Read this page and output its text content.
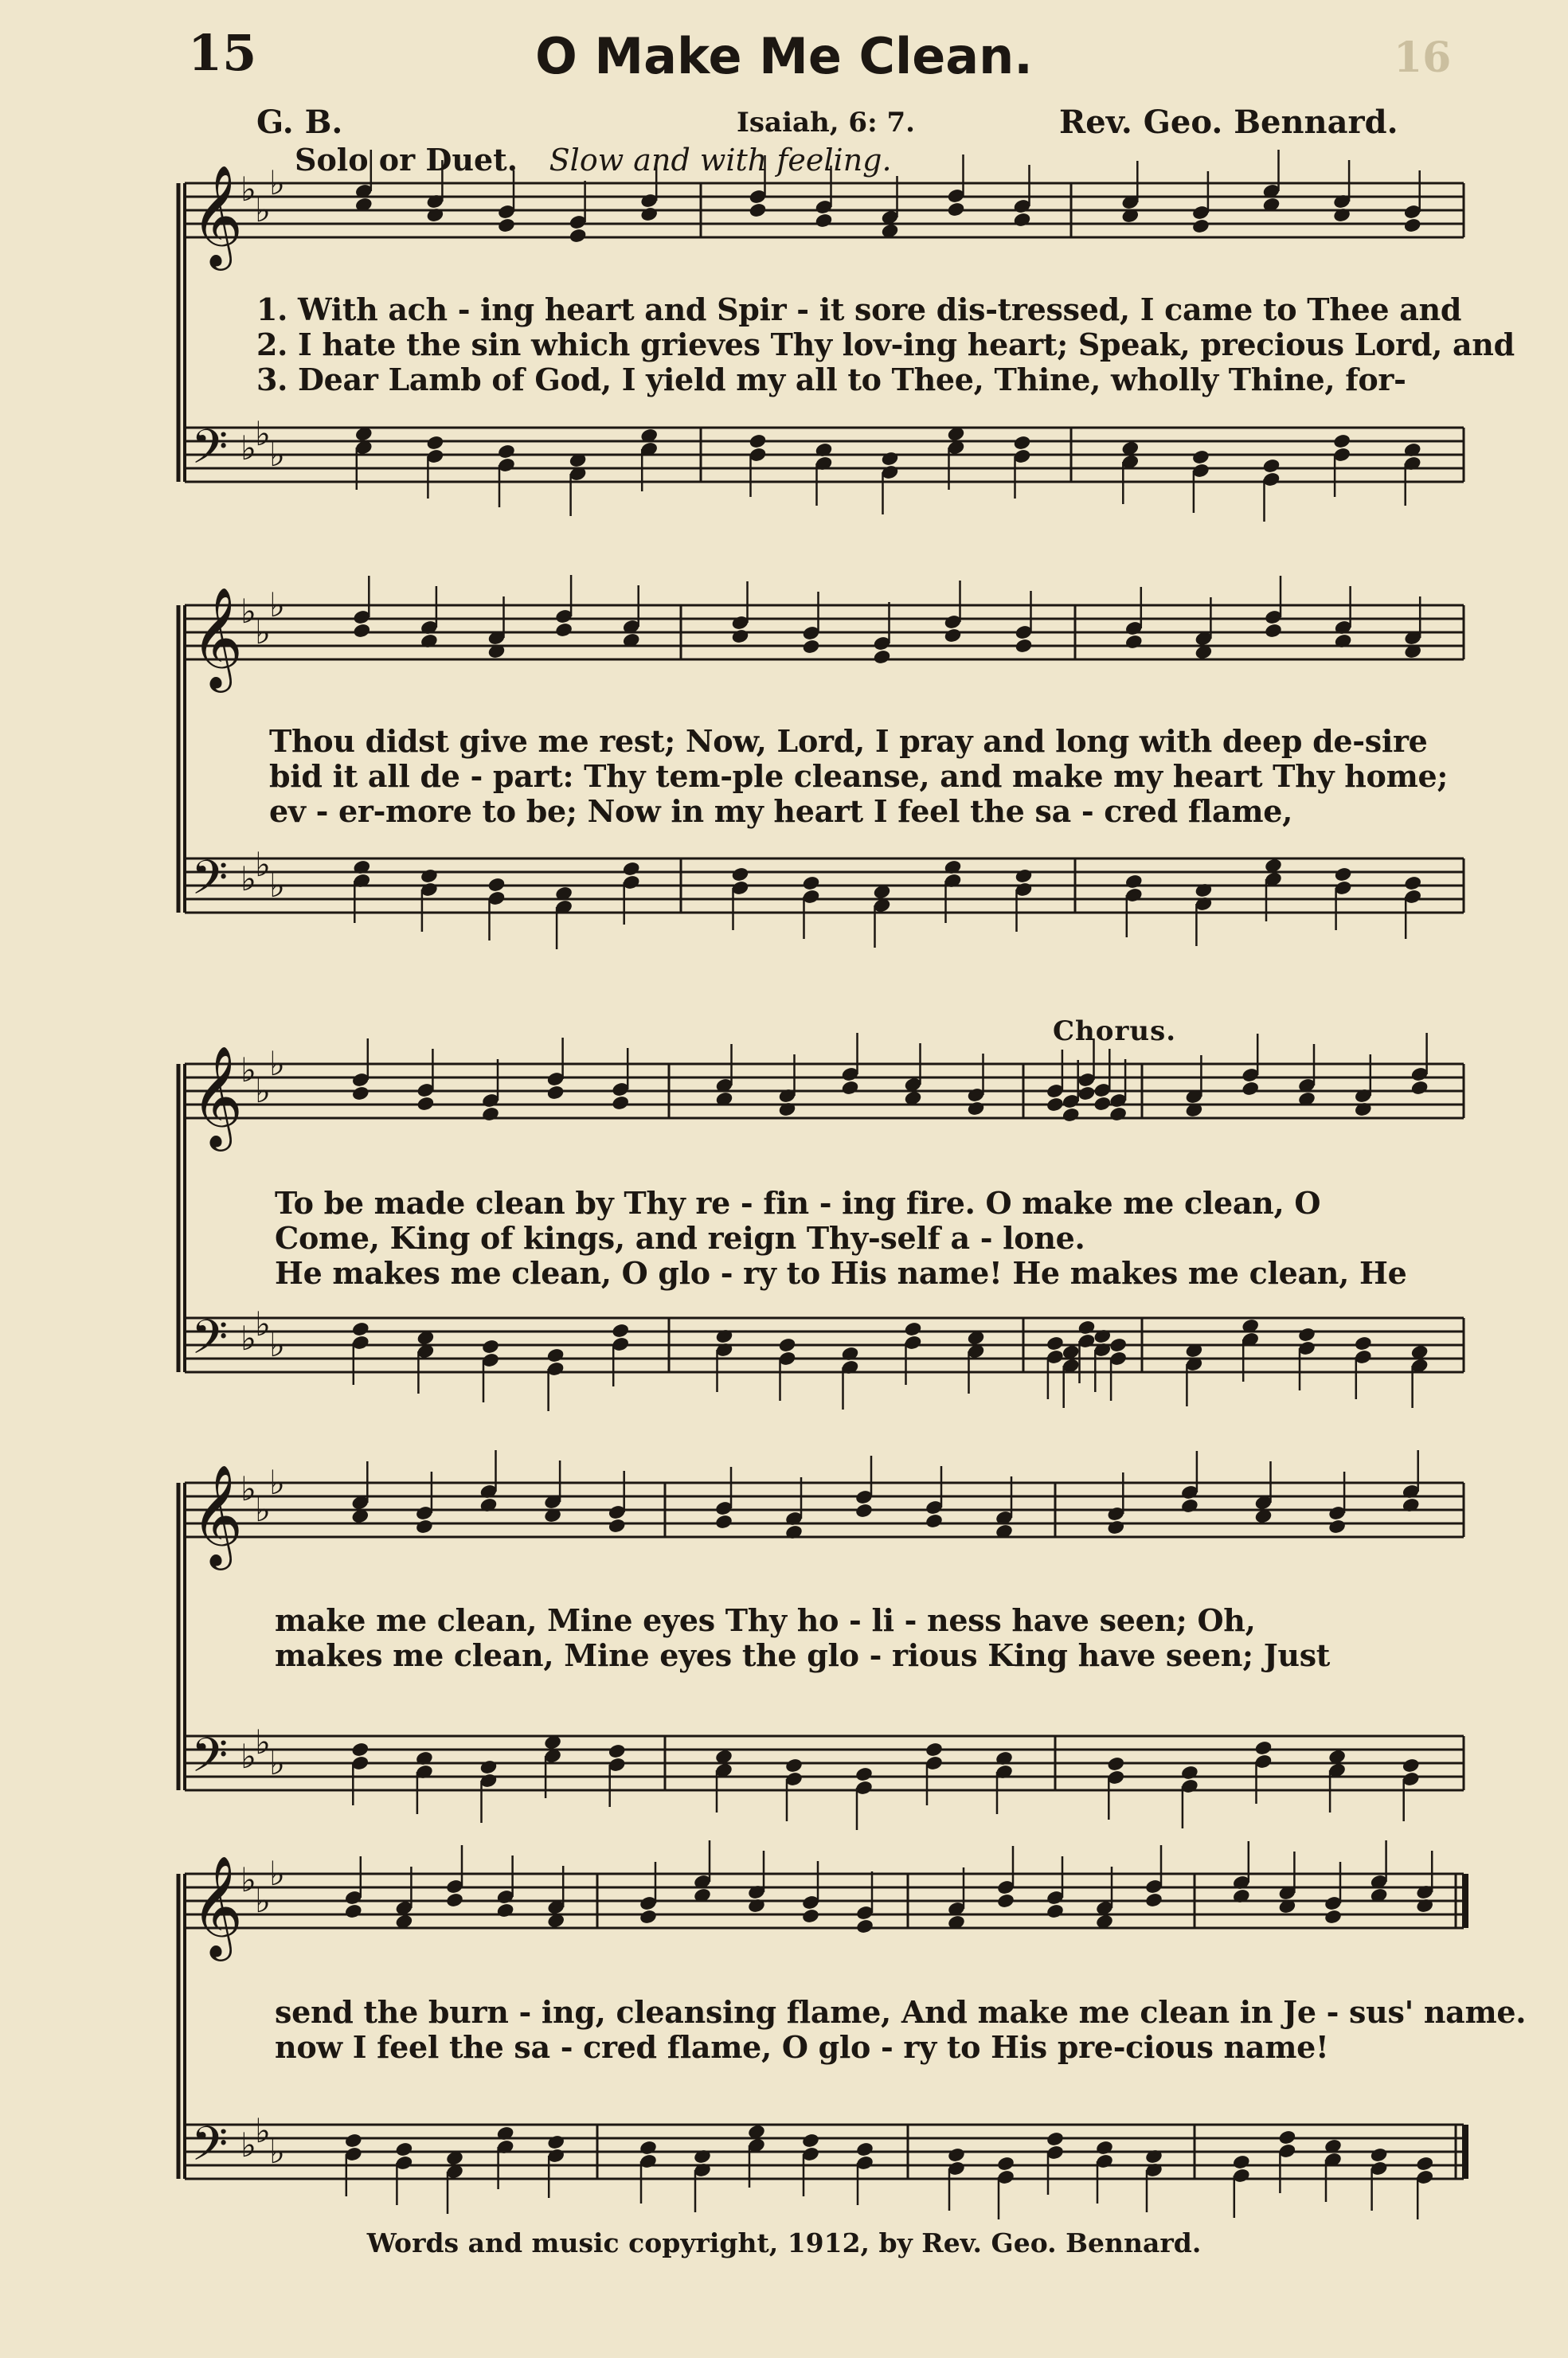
15	O Make Me Clean.	16
G. B.	Isaiah, 6: 7.	Rev. Geo. Bennard.
Solo or Duet. Slow and with feeling.
𝄞
♭
♭
♭
𝄢 ♭
♭
♭
𝄞
♭
♭
♭
𝄢 ♭
♭
♭
𝄞
♭
♭
♭
𝄢 ♭
♭
♭
𝄞
♭
♭
♭
𝄢 ♭
♭
♭
𝄞
♭
♭
♭
𝄢 ♭
♭
♭
1. With ach - ing heart and Spir - it sore dis-tressed, I came to Thee and
2. I hate the sin which grieves Thy lov-ing heart; Speak, precious Lord, and
3. Dear Lamb of God, I yield my all to Thee, Thine, wholly Thine, for-
Thou didst give me rest; Now, Lord, I pray and long with deep de-sire
bid it all de - part: Thy tem-ple cleanse, and make my heart Thy home;
ev - er-more to be; Now in my heart I feel the sa - cred flame,
Chorus.
To be made clean by Thy re - fin - ing fire. O make me clean, O
Come, King of kings, and reign Thy-self a - lone.
He makes me clean, O glo - ry to His name! He makes me clean, He
make me clean, Mine eyes Thy ho - li - ness have seen; Oh,
makes me clean, Mine eyes the glo - rious King have seen; Just
send the burn - ing, cleansing flame, And make me clean in Je - sus' name.
now I feel the sa - cred flame, O glo - ry to His pre-cious name!
Words and music copyright, 1912, by Rev. Geo. Bennard.
